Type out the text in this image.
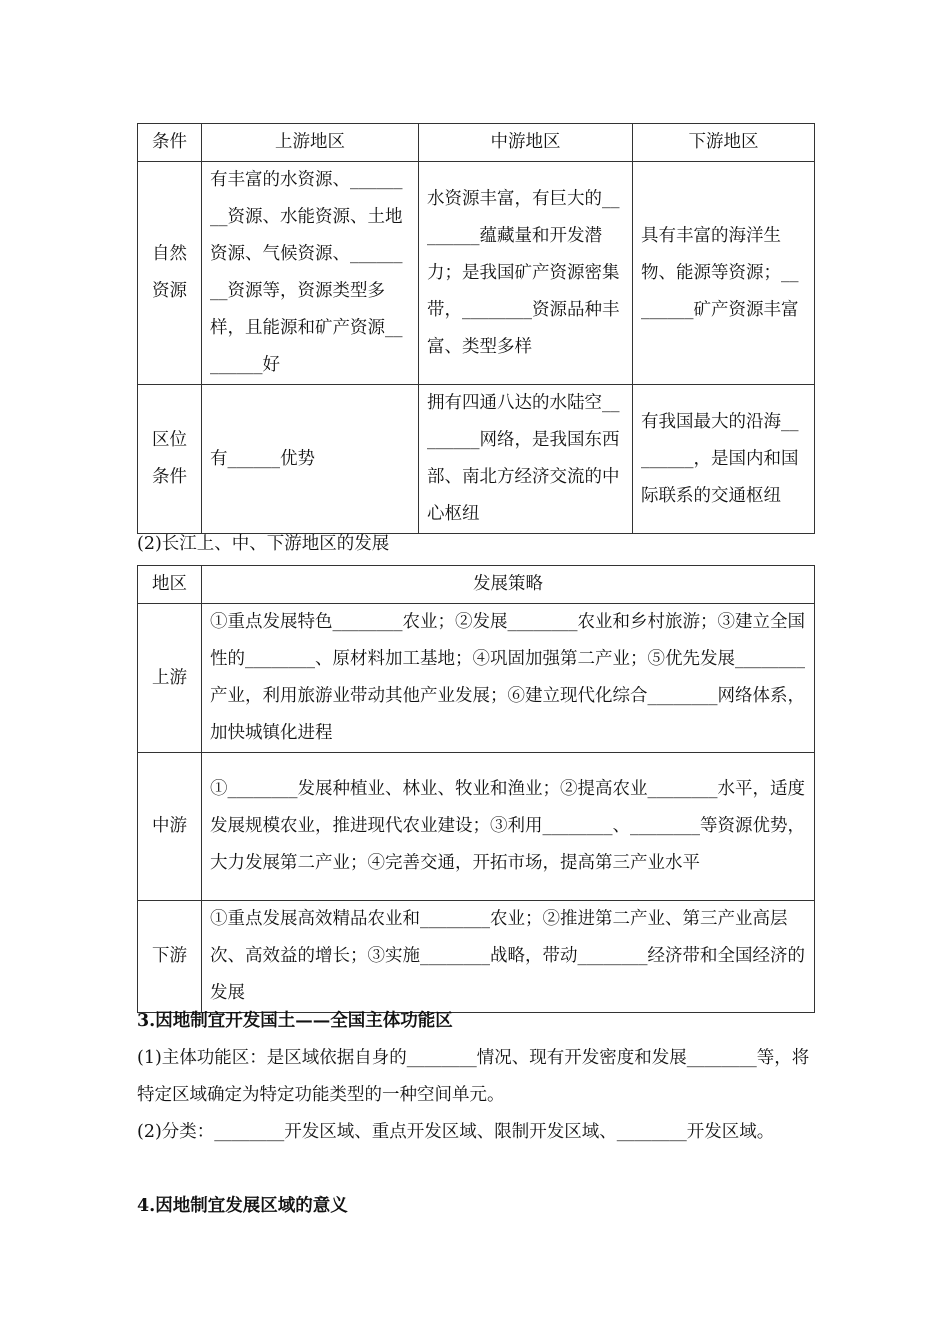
条件	上游地区	中游地区	下游地区
自然资源	有丰富的水资源、________资源、水能资源、土地资源、气候资源、________资源等，资源类型多样，且能源和矿产资源________好	水资源丰富，有巨大的________蕴藏量和开发潜力；是我国矿产资源密集带，________资源品种丰富、类型多样	具有丰富的海洋生物、能源等资源；________矿产资源丰富
区位条件	有______优势	拥有四通八达的水陆空________网络，是我国东西部、南北方经济交流的中心枢纽	有我国最大的沿海________，是国内和国际联系的交通枢纽
(2)长江上、中、下游地区的发展
地区	发展策略
上游	①重点发展特色________农业；②发展________农业和乡村旅游；③建立全国性的________、原材料加工基地；④巩固加强第二产业；⑤优先发展________产业，利用旅游业带动其他产业发展；⑥建立现代化综合________网络体系，加快城镇化进程
中游	①________发展种植业、林业、牧业和渔业；②提高农业________水平，适度发展规模农业，推进现代农业建设；③利用________、________等资源优势，大力发展第二产业；④完善交通，开拓市场，提高第三产业水平
下游	①重点发展高效精品农业和________农业；②推进第二产业、第三产业高层次、高效益的增长；③实施________战略，带动________经济带和全国经济的发展
3.因地制宜开发国土——全国主体功能区
(1)主体功能区：是区域依据自身的________情况、现有开发密度和发展________等，将特定区域确定为特定功能类型的一种空间单元。
(2)分类：________开发区域、重点开发区域、限制开发区域、________开发区域。
4.因地制宜发展区域的意义
